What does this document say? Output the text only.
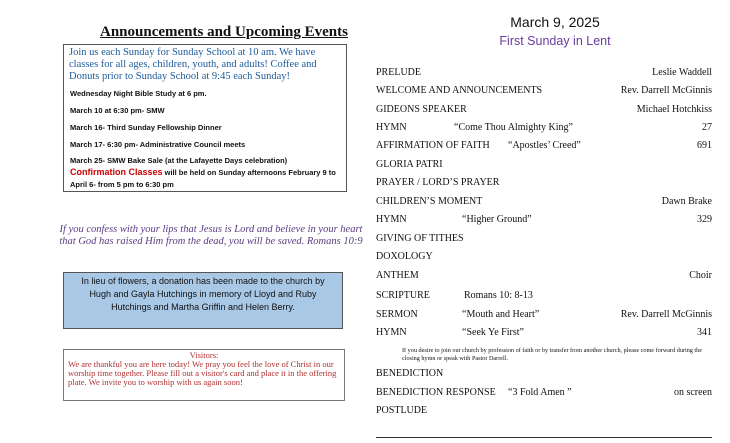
Announcements and Upcoming Events
Join us each Sunday for Sunday School at 10 am. We have classes for all ages, children, youth, and adults! Coffee and Donuts prior to Sunday School at 9:45 each Sunday!
Wednesday Night Bible Study at 6 pm.
March 10 at 6:30 pm- SMW
March 16- Third Sunday Fellowship Dinner
March 17- 6:30 pm- Administrative Council meets
March 25- SMW Bake Sale (at the Lafayette Days celebration)
Confirmation Classes will be held on Sunday afternoons February 9 to April 6- from 5 pm to 6:30 pm
If you confess with your lips that Jesus is Lord and believe in your heart that God has raised Him from the dead, you will be saved. Romans 10:9
In lieu of flowers, a donation has been made to the church by Hugh and Gayla Hutchings in memory of Lloyd and Ruby Hutchings and Martha Griffin and Helen Berry.
Visitors:
We are thankful you are here today! We pray you feel the love of Christ in our worship time together. Please fill out a visitor's card and place it in the offering plate. We invite you to worship with us again soon!
March 9, 2025
First Sunday in Lent
PRELUDE	Leslie Waddell
WELCOME AND ANNOUNCEMENTS	Rev. Darrell McGinnis
GIDEONS SPEAKER	Michael Hotchkiss
HYMN	“Come Thou Almighty King”	27
AFFIRMATION OF FAITH “Apostles’ Creed”	691
GLORIA PATRI
PRAYER / LORD’S PRAYER
CHILDREN’S MOMENT	Dawn Brake
HYMN	“Higher Ground”	329
GIVING OF TITHES
DOXOLOGY
ANTHEM	Choir
SCRIPTURE	Romans 10: 8-13
SERMON	“Mouth and Heart”	Rev. Darrell McGinnis
HYMN	“Seek Ye First”	341
If you desire to join our church by profession of faith or by transfer from another church, please come forward during the closing hymn or speak with Pastor Darrell.
BENEDICTION
BENEDICTION RESPONSE “3 Fold Amen ”	on screen
POSTLUDE
